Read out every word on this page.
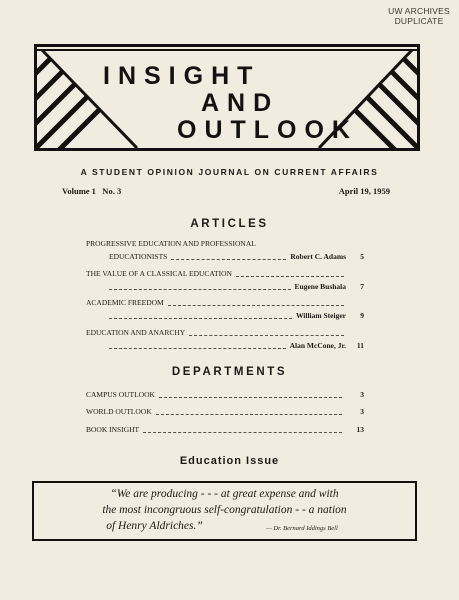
UW ARCHIVES
DUPLICATE
INSIGHT
AND
OUTLOOK
A STUDENT OPINION JOURNAL ON CURRENT AFFAIRS
Volume 1   No. 3	April 19, 1959
ARTICLES
PROGRESSIVE EDUCATION AND PROFESSIONAL
EDUCATIONISTS	Robert C. Adams	5
THE VALUE OF A CLASSICAL EDUCATION
Eugene Bushala	7
ACADEMIC FREEDOM
William Steiger	9
EDUCATION AND ANARCHY
Alan McCone, Jr.	11
DEPARTMENTS
CAMPUS OUTLOOK	3
WORLD OUTLOOK	3
BOOK INSIGHT	13
Education Issue
“We are producing - - - at great expense and with
the most incongruous self-congratulation - - a nation
of Henry Aldriches.”	— Dr. Bernard Iddings Bell
